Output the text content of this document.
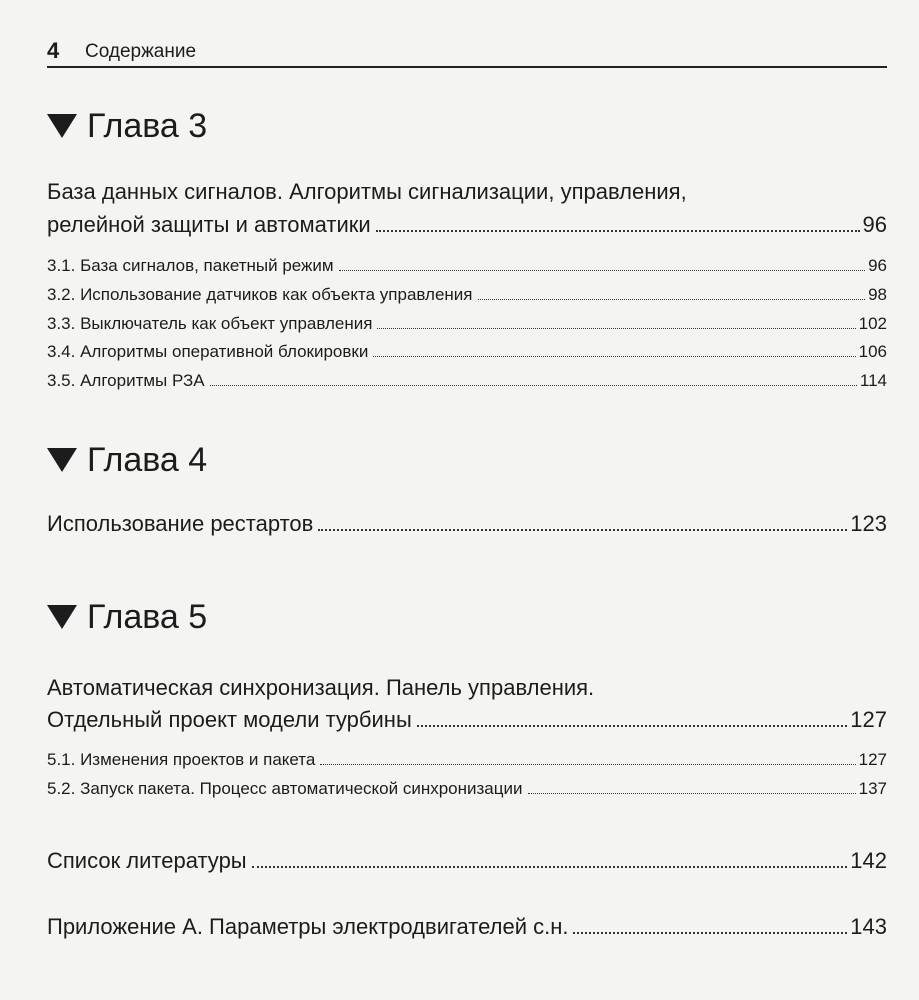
4 Содержание
Глава 3
База данных сигналов. Алгоритмы сигнализации, управления,
релейной защиты и автоматики	96
3.1. База сигналов, пакетный режим	96
3.2. Использование датчиков как объекта управления	98
3.3. Выключатель как объект управления	102
3.4. Алгоритмы оперативной блокировки	106
3.5. Алгоритмы РЗА	114
Глава 4
Использование рестартов	123
Глава 5
Автоматическая синхронизация. Панель управления.
Отдельный проект модели турбины	127
5.1. Изменения проектов и пакета	127
5.2. Запуск пакета. Процесс автоматической синхронизации	137
Список литературы	142
Приложение А. Параметры электродвигателей с.н.	143
